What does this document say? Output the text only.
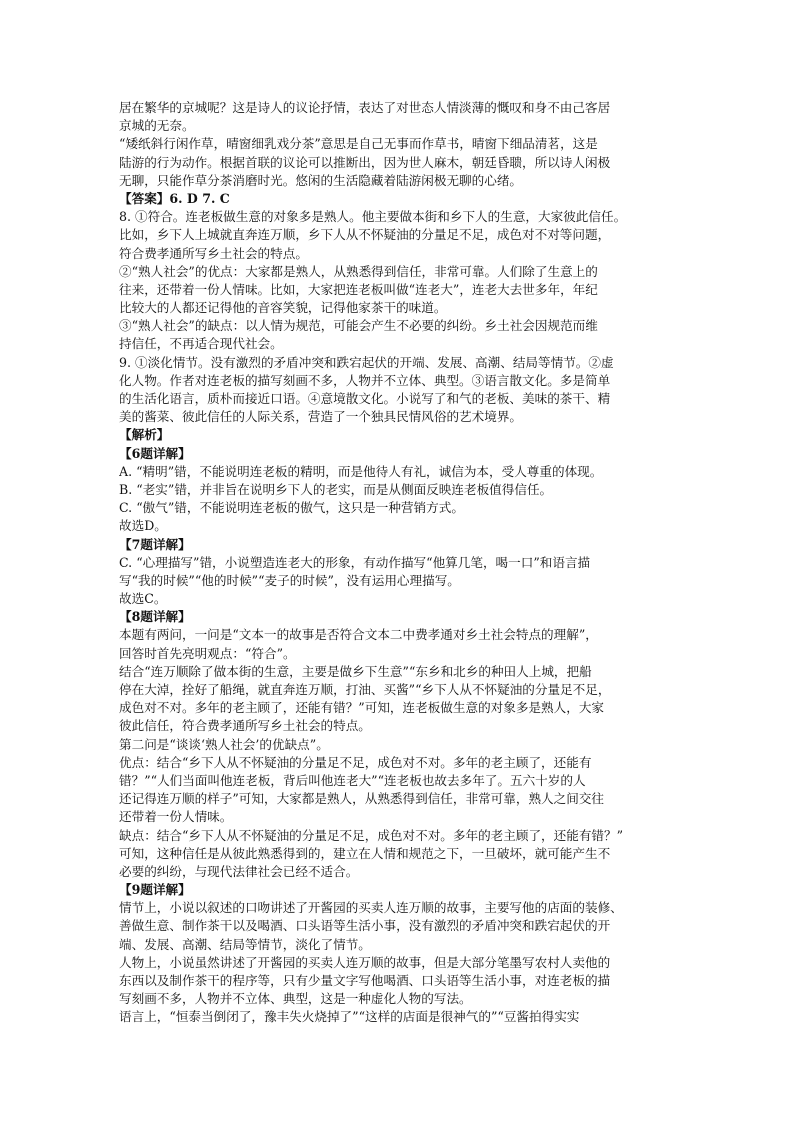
居在繁华的京城呢？这是诗人的议论抒情，表达了对世态人情淡薄的慨叹和身不由己客居
京城的无奈。
“矮纸斜行闲作草，晴窗细乳戏分茶”意思是自己无事而作草书，晴窗下细品清茗，这是
陆游的行为动作。根据首联的议论可以推断出，因为世人麻木，朝廷昏聩，所以诗人闲极
无聊，只能作草分茶消磨时光。悠闲的生活隐藏着陆游闲极无聊的心绪。
【答案】6. D 7. C
8. ①符合。连老板做生意的对象多是熟人。他主要做本街和乡下人的生意，大家彼此信任。
比如，乡下人上城就直奔连万顺，乡下人从不怀疑油的分量足不足，成色对不对等问题，
符合费孝通所写乡土社会的特点。
②“熟人社会”的优点：大家都是熟人，从熟悉得到信任，非常可靠。人们除了生意上的
往来，还带着一份人情味。比如，大家把连老板叫做“连老大”，连老大去世多年，年纪
比较大的人都还记得他的音容笑貌，记得他家茶干的味道。
③“熟人社会”的缺点：以人情为规范，可能会产生不必要的纠纷。乡土社会因规范而维
持信任，不再适合现代社会。
9. ①淡化情节。没有激烈的矛盾冲突和跌宕起伏的开端、发展、高潮、结局等情节。②虚
化人物。作者对连老板的描写刻画不多，人物并不立体、典型。③语言散文化。多是简单
的生活化语言，质朴而接近口语。④意境散文化。小说写了和气的老板、美味的茶干、精
美的酱菜、彼此信任的人际关系，营造了一个独具民情风俗的艺术境界。
【解析】
【6题详解】
A. “精明”错，不能说明连老板的精明，而是他待人有礼，诚信为本，受人尊重的体现。
B. “老实”错，并非旨在说明乡下人的老实，而是从侧面反映连老板值得信任。
C. “傲气”错，不能说明连老板的傲气，这只是一种营销方式。
故选D。
【7题详解】
C. “心理描写”错，小说塑造连老大的形象，有动作描写“他算几笔，喝一口”和语言描
写“我的时候”“他的时候”“麦子的时候”，没有运用心理描写。
故选C。
【8题详解】
本题有两问，一问是“文本一的故事是否符合文本二中费孝通对乡土社会特点的理解”，
回答时首先亮明观点：“符合”。
结合“连万顺除了做本街的生意，主要是做乡下生意”“东乡和北乡的种田人上城，把船
停在大淖，拴好了船绳，就直奔连万顺，打油、买酱”“乡下人从不怀疑油的分量足不足，
成色对不对。多年的老主顾了，还能有错？”可知，连老板做生意的对象多是熟人，大家
彼此信任，符合费孝通所写乡土社会的特点。
第二问是“谈谈‘熟人社会’的优缺点”。
优点：结合“乡下人从不怀疑油的分量足不足，成色对不对。多年的老主顾了，还能有
错？”“人们当面叫他连老板，背后叫他连老大”“连老板也故去多年了。五六十岁的人
还记得连万顺的样子”可知，大家都是熟人，从熟悉得到信任，非常可靠，熟人之间交往
还带着一份人情味。
缺点：结合“乡下人从不怀疑油的分量足不足，成色对不对。多年的老主顾了，还能有错？”
可知，这种信任是从彼此熟悉得到的，建立在人情和规范之下，一旦破坏，就可能产生不
必要的纠纷，与现代法律社会已经不适合。
【9题详解】
情节上，小说以叙述的口吻讲述了开酱园的买卖人连万顺的故事，主要写他的店面的装修、
善做生意、制作茶干以及喝酒、口头语等生活小事，没有激烈的矛盾冲突和跌宕起伏的开
端、发展、高潮、结局等情节，淡化了情节。
人物上，小说虽然讲述了开酱园的买卖人连万顺的故事，但是大部分笔墨写农村人卖他的
东西以及制作茶干的程序等，只有少量文字写他喝酒、口头语等生活小事，对连老板的描
写刻画不多，人物并不立体、典型，这是一种虚化人物的写法。
语言上，“恒泰当倒闭了，豫丰失火烧掉了”“这样的店面是很神气的”“豆酱拍得实实
